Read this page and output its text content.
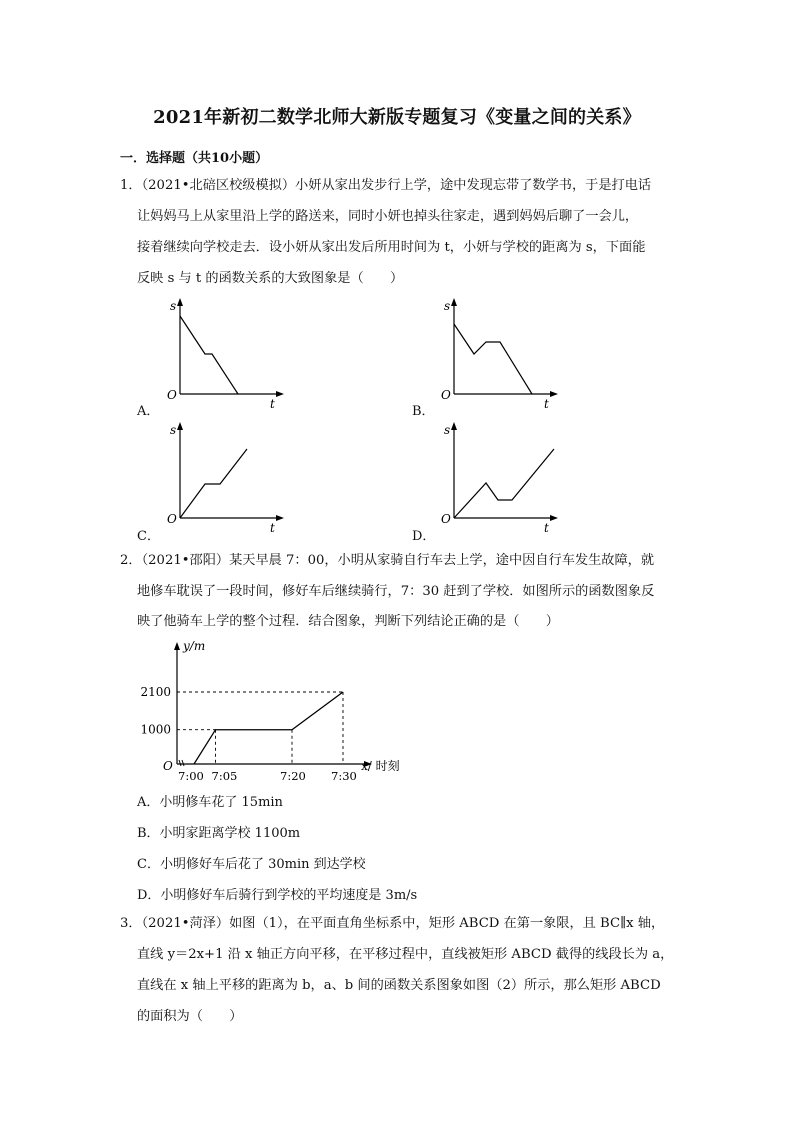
2021年新初二数学北师大新版专题复习《变量之间的关系》
一．选择题（共10小题）
1．（2021•北碚区校级模拟）小妍从家出发步行上学，途中发现忘带了数学书，于是打电话
让妈妈马上从家里沿上学的路送来，同时小妍也掉头往家走，遇到妈妈后聊了一会儿，
接着继续向学校走去．设小妍从家出发后所用时间为 t，小妍与学校的距离为 s，下面能
反映 s 与 t 的函数关系的大致图象是（　　）
A．
s
O
t	B．
s
O
t
C．
s
O
t
D．
s
O
t
2．（2021•邵阳）某天早晨 7：00，小明从家骑自行车去上学，途中因自行车发生故障，就
地修车耽误了一段时间，修好车后继续骑行，7：30 赶到了学校．如图所示的函数图象反
映了他骑车上学的整个过程．结合图象，判断下列结论正确的是（　　）
y/m
O	x/ 时刻
7:00 7:05	7:20 7:30
1000
2100
A．小明修车花了 15min
B．小明家距离学校 1100m
C．小明修好车后花了 30min 到达学校
D．小明修好车后骑行到学校的平均速度是 3m/s
3．（2021•菏泽）如图（1），在平面直角坐标系中，矩形 ABCD 在第一象限，且 BC∥x 轴，
直线 y＝2x+1 沿 x 轴正方向平移，在平移过程中，直线被矩形 ABCD 截得的线段长为 a，
直线在 x 轴上平移的距离为 b，a、b 间的函数关系图象如图（2）所示，那么矩形 ABCD
的面积为（　　）
